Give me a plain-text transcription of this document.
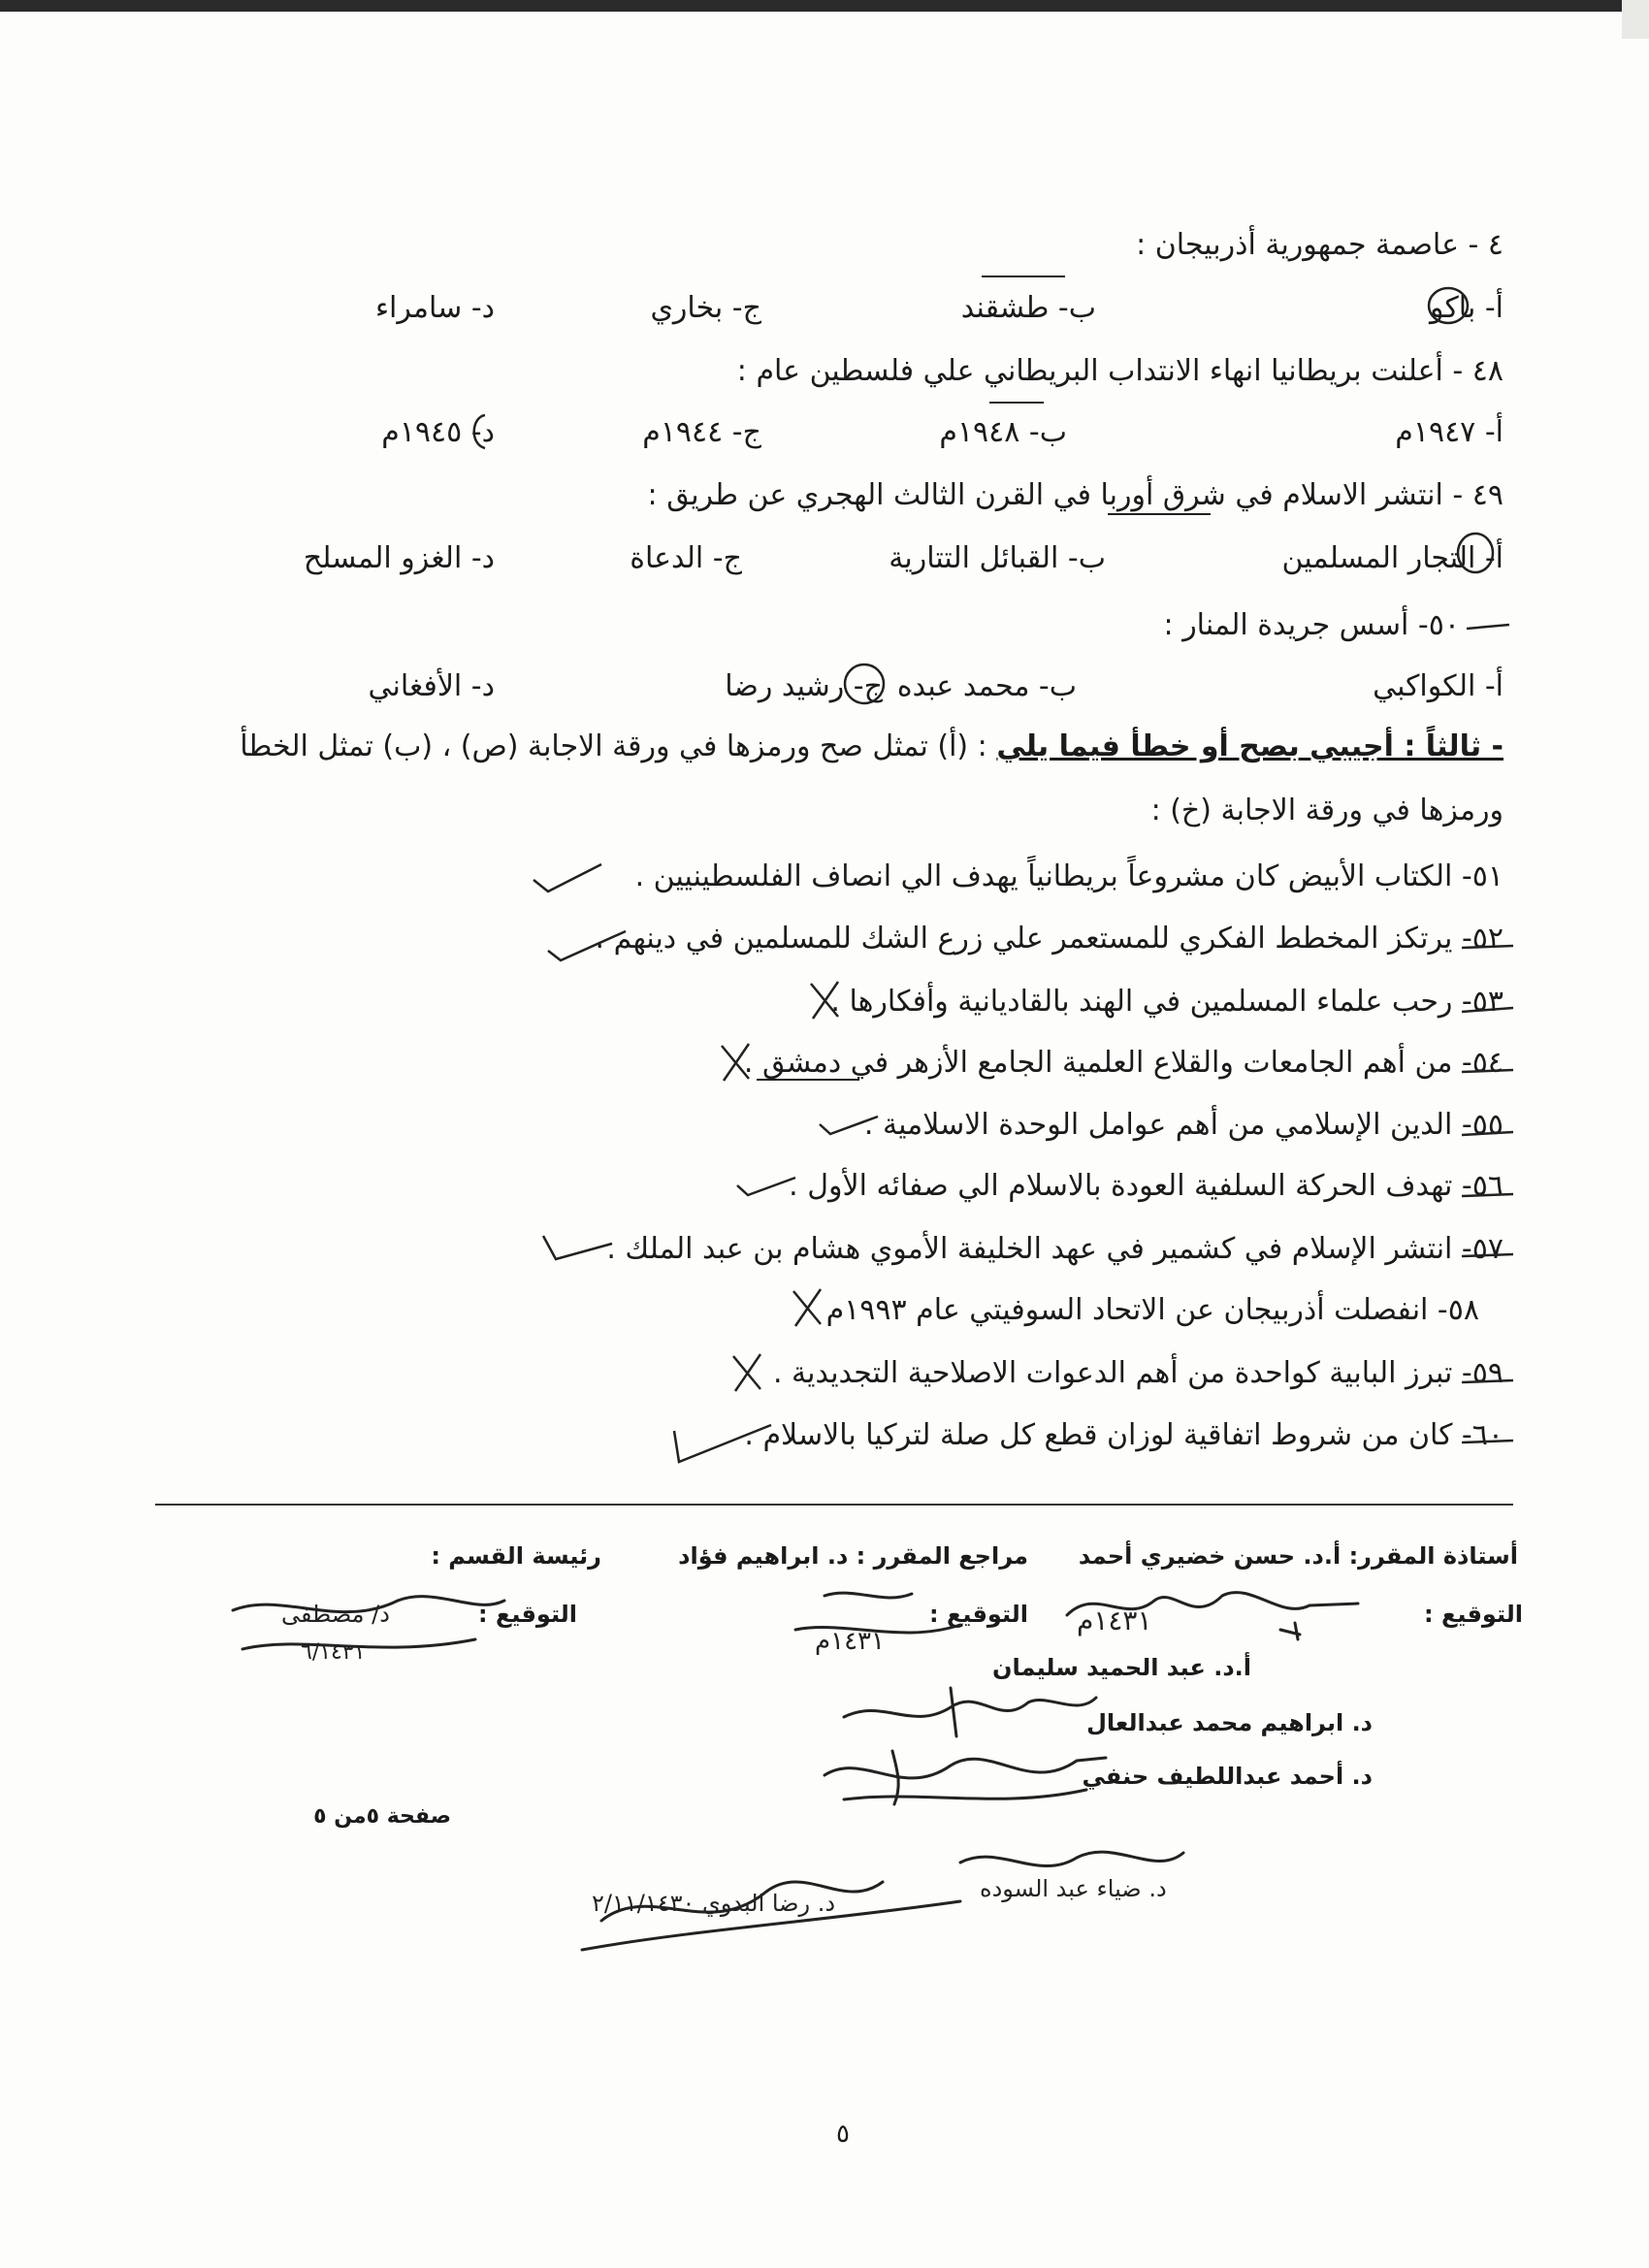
٤ - عاصمة جمهورية أذربيجان :
أ- باكو
ب- طشقند
ج- بخاري
د- سامراء
٤٨ - أعلنت بريطانيا انهاء الانتداب البريطاني علي فلسطين عام :
أ- ١٩٤٧م
ب- ١٩٤٨م
ج- ١٩٤٤م
د- ١٩٤٥م
٤٩ - انتشر الاسلام في شرق أوربا في القرن الثالث الهجري عن طريق :
أ- التجار المسلمين
ب- القبائل التتارية
ج- الدعاة
د- الغزو المسلح
٥٠- أسس جريدة المنار :
أ- الكواكبي
ب- محمد عبده
ج- رشيد رضا
د- الأفغاني
- ثالثاً : أجيبي بصح أو خطأ فيما يلي : (أ) تمثل صح ورمزها في ورقة الاجابة (ص) ، (ب) تمثل الخطأ
ورمزها في ورقة الاجابة (خ) :
٥١- الكتاب الأبيض كان مشروعاً بريطانياً يهدف الي انصاف الفلسطينيين .
٥٢- يرتكز المخطط الفكري للمستعمر علي زرع الشك للمسلمين في دينهم .
٥٣- رحب علماء المسلمين في الهند بالقاديانية وأفكارها .
٥٤- من أهم الجامعات والقلاع العلمية الجامع الأزهر في دمشق .
٥٥- الدين الإسلامي من أهم عوامل الوحدة الاسلامية .
٥٦- تهدف الحركة السلفية العودة بالاسلام الي صفائه الأول .
٥٧- انتشر الإسلام في كشمير في عهد الخليفة الأموي هشام بن عبد الملك .
٥٨- انفصلت أذربيجان عن الاتحاد السوفيتي عام ١٩٩٣م
٥٩- تبرز البابية كواحدة من أهم الدعوات الاصلاحية التجديدية .
٦٠- كان من شروط اتفاقية لوزان قطع كل صلة لتركيا بالاسلام .
أستاذة المقرر: أ.د. حسن خضيري أحمد
مراجع المقرر : د. ابراهيم فؤاد
رئيسة القسم :
التوقيع :
التوقيع :
التوقيع :
أ.د. عبد الحميد سليمان
د. ابراهيم محمد عبدالعال
د. أحمد عبداللطيف حنفي
صفحة ٥من ٥
١٤٣١م
١٤٣١م
د/ مصطفى
٦/١٤٣١
د. رضا البدوي ٢/١١/١٤٣٠
د. ضياء عبد السوده
٥
